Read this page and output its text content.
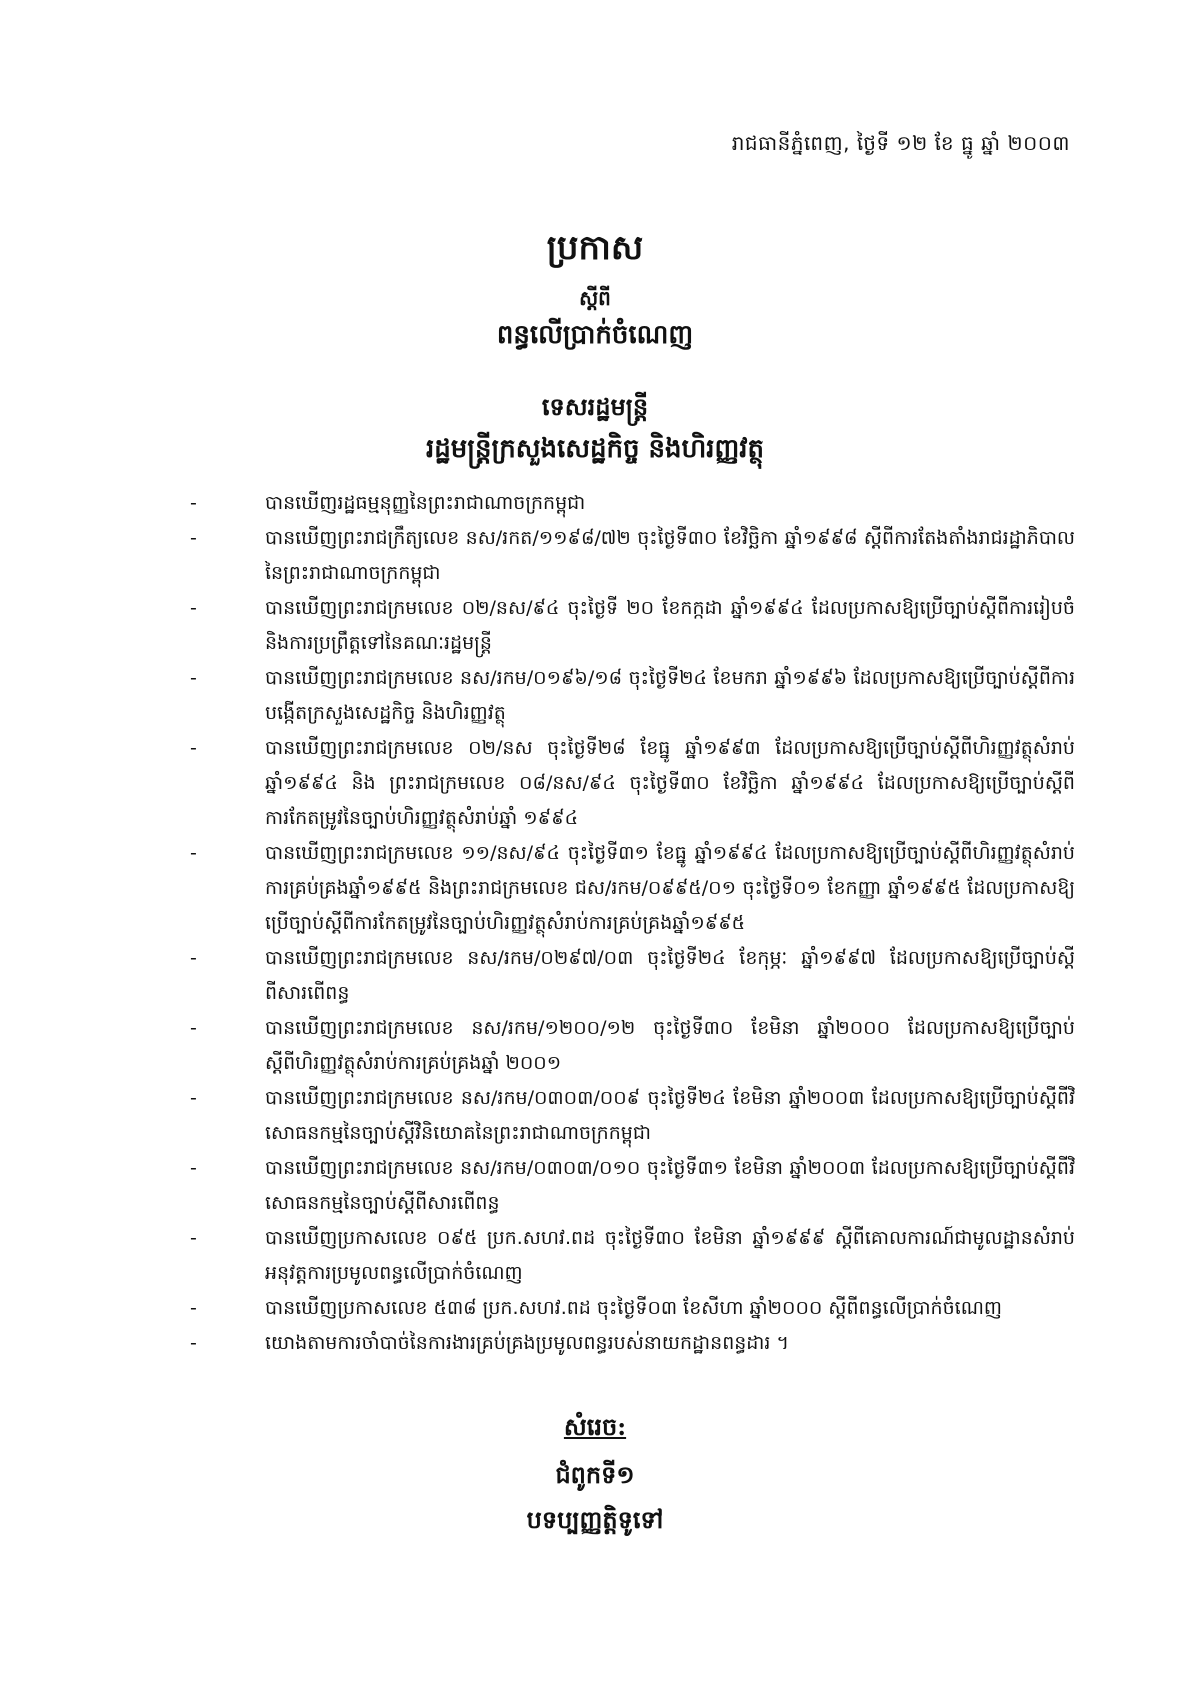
រាជធានីភ្នំពេញ, ថ្ងៃទី ១២ ខែ ធ្នូ ឆ្នាំ ២០០៣
ប្រកាស
ស្តីពី
ពន្ធលើប្រាក់ចំណេញ
ទេសរដ្ឋមន្ត្រី
រដ្ឋមន្ត្រីក្រសួងសេដ្ឋកិច្ច និងហិរញ្ញវត្ថុ
-	បានឃើញរដ្ឋធម្មនុញ្ញនៃព្រះរាជាណាចក្រកម្ពុជា
-	បានឃើញព្រះរាជក្រឹត្យលេខ នស/រកត/១១៩៨/៧២ ចុះថ្ងៃទី៣០ ខែវិច្ឆិកា ឆ្នាំ១៩៩៨ ស្តីពីការតែងតាំងរាជរដ្ឋាភិបាលនៃព្រះរាជាណាចក្រកម្ពុជា
-	បានឃើញព្រះរាជក្រមលេខ ០២/នស/៩៤ ចុះថ្ងៃទី ២០ ខែកក្កដា ឆ្នាំ១៩៩៤ ដែលប្រកាសឱ្យប្រើច្បាប់ស្តីពីការរៀបចំ និងការប្រព្រឹត្តទៅនៃគណៈរដ្ឋមន្ត្រី
-	បានឃើញព្រះរាជក្រមលេខ នស/រកម/០១៩៦/១៨ ចុះថ្ងៃទី២៤ ខែមករា ឆ្នាំ១៩៩៦ ដែលប្រកាសឱ្យប្រើច្បាប់ស្តីពីការបង្កើតក្រសួងសេដ្ឋកិច្ច និងហិរញ្ញវត្ថុ
-	បានឃើញព្រះរាជក្រមលេខ ០២/នស ចុះថ្ងៃទី២៨ ខែធ្នូ ឆ្នាំ១៩៩៣ ដែលប្រកាសឱ្យប្រើច្បាប់ស្តីពីហិរញ្ញវត្ថុសំរាប់ឆ្នាំ១៩៩៤ និង ព្រះរាជក្រមលេខ ០៨/នស/៩៤ ចុះថ្ងៃទី៣០ ខែវិច្ឆិកា ឆ្នាំ១៩៩៤ ដែលប្រកាសឱ្យប្រើច្បាប់ស្តីពីការកែតម្រូវនៃច្បាប់ហិរញ្ញវត្ថុសំរាប់ឆ្នាំ ១៩៩៤
-	បានឃើញព្រះរាជក្រមលេខ ១១/នស/៩៤ ចុះថ្ងៃទី៣១ ខែធ្នូ ឆ្នាំ១៩៩៤ ដែលប្រកាសឱ្យប្រើច្បាប់ស្តីពីហិរញ្ញវត្ថុសំរាប់ការគ្រប់គ្រងឆ្នាំ១៩៩៥ និងព្រះរាជក្រមលេខ ជស/រកម/០៩៩៥/០១ ចុះថ្ងៃទី០១ ខែកញ្ញា ឆ្នាំ១៩៩៥ ដែលប្រកាសឱ្យប្រើច្បាប់ស្តីពីការកែតម្រូវនៃច្បាប់ហិរញ្ញវត្ថុសំរាប់ការគ្រប់គ្រងឆ្នាំ១៩៩៥
-	បានឃើញព្រះរាជក្រមលេខ នស/រកម/០២៩៧/០៣ ចុះថ្ងៃទី២៤ ខែកុម្ភៈ ឆ្នាំ១៩៩៧ ដែលប្រកាសឱ្យប្រើច្បាប់ស្តីពីសារពើពន្ធ
-	បានឃើញព្រះរាជក្រមលេខ នស/រកម/១២០០/១២ ចុះថ្ងៃទី៣០ ខែមិនា ឆ្នាំ២០០០ ដែលប្រកាសឱ្យប្រើច្បាប់ស្តីពីហិរញ្ញវត្ថុសំរាប់ការគ្រប់គ្រងឆ្នាំ ២០០១
-	បានឃើញព្រះរាជក្រមលេខ នស/រកម/០៣០៣/០០៩ ចុះថ្ងៃទី២៤ ខែមិនា ឆ្នាំ២០០៣ ដែលប្រកាសឱ្យប្រើច្បាប់ស្តីពីវិសោធនកម្មនៃច្បាប់ស្តីវិនិយោគនៃព្រះរាជាណាចក្រកម្ពុជា
-	បានឃើញព្រះរាជក្រមលេខ នស/រកម/០៣០៣/០១០ ចុះថ្ងៃទី៣១ ខែមិនា ឆ្នាំ២០០៣ ដែលប្រកាសឱ្យប្រើច្បាប់ស្តីពីវិសោធនកម្មនៃច្បាប់ស្តីពីសារពើពន្ធ
-	បានឃើញប្រកាសលេខ ០៩៥ ប្រក.សហវ.ពដ ចុះថ្ងៃទី៣០ ខែមិនា ឆ្នាំ១៩៩៩ ស្តីពីគោលការណ៍ជាមូលដ្ឋានសំរាប់អនុវត្តការប្រមូលពន្ធលើប្រាក់ចំណេញ
-	បានឃើញប្រកាសលេខ ៥៣៨ ប្រក.សហវ.ពដ ចុះថ្ងៃទី០៣ ខែសីហា ឆ្នាំ២០០០ ស្តីពីពន្ធលើប្រាក់ចំណេញ
-	យោងតាមការចាំបាច់នៃការងារគ្រប់គ្រងប្រមូលពន្ធរបស់នាយកដ្ឋានពន្ធដារ ។
សំរេច:
ជំពូកទី១
បទប្បញ្ញត្តិទូទៅ
